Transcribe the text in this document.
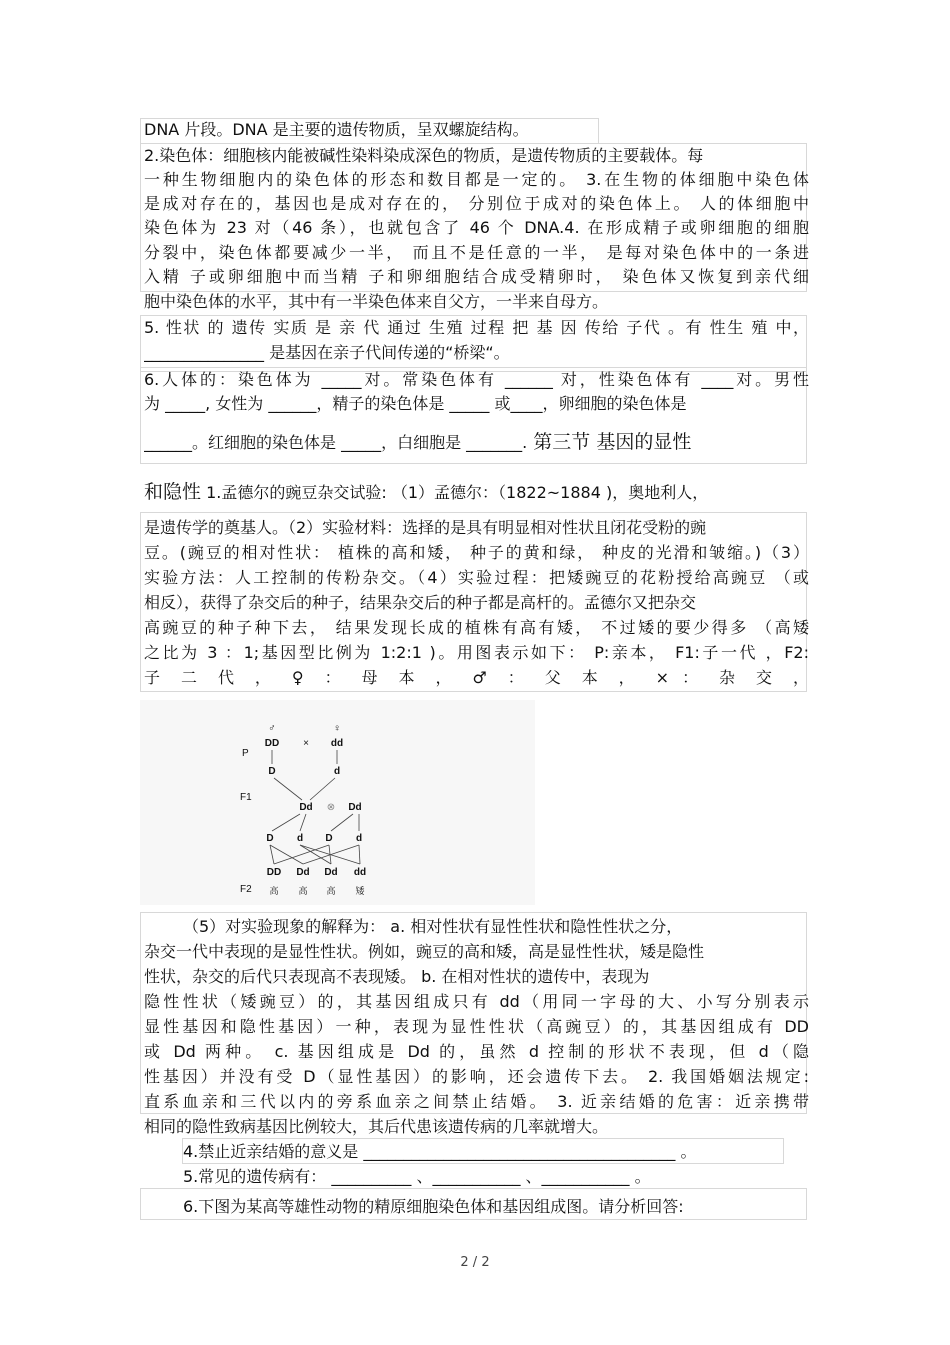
DNA 片段。DNA 是主要的遗传物质，呈双螺旋结构。
2.染色体：细胞核内能被碱性染料染成深色的物质，是遗传物质的主要载体。每
一种生物细胞内的染色体的形态和数目都是一定的。 3.在生物的体细胞中染色体
是成对存在的，基因也是成对存在的， 分别位于成对的染色体上。 人的体细胞中
染色体为 23 对（46 条），也就包含了 46 个 DNA.4. 在形成精子或卵细胞的细胞
分裂中，染色体都要减少一半， 而且不是任意的一半， 是每对染色体中的一条进
入精 子或卵细胞中而当精 子和卵细胞结合成受精卵时， 染色体又恢复到亲代细
胞中染色体的水平，其中有一半染色体来自父方，一半来自母方。
5. 性状 的 遗传 实质 是 亲 代 通过 生殖 过程 把 基 因 传给 子代 。有 性生 殖 中，
_______________ 是基因在亲子代间传递的“桥梁“。
6.人体的：染色体为 _____对。常染色体有 ______ 对，性染色体有 ____对。男性
为 _____, 女性为 ______，精子的染色体是 _____ 或____，卵细胞的染色体是
______。红细胞的染色体是 _____，白细胞是 _______. 第三节 基因的显性
和隐性 1.孟德尔的豌豆杂交试验: （1）孟德尔：（1822~1884 )，奥地利人，
是遗传学的奠基人。（2）实验材料：选择的是具有明显相对性状且闭花受粉的豌
豆。(豌豆的相对性状： 植株的高和矮， 种子的黄和绿， 种皮的光滑和皱缩。)（3）
实验方法：人工控制的传粉杂交。（4）实验过程：把矮豌豆的花粉授给高豌豆 （或
相反），获得了杂交后的种子，结果杂交后的种子都是高杆的。孟德尔又把杂交
高豌豆的种子种下去， 结果发现长成的植株有高有矮， 不过矮的要少得多 （高矮
之比为 3 ：1;基因型比例为 1:2:1 )。用图表示如下： P:亲本， F1:子一代 ，F2:
子 二 代 ， ♀ ： 母 本 ， ♂ ： 父 本 ， × ： 杂 交 ，
♂	♀
P
DD × dd
D	d
F1
Dd ⊗ Dd
D d D d
DD Dd Dd dd
F2 高 高 高 矮
（5）对实验现象的解释为： a. 相对性状有显性性状和隐性性状之分，
杂交一代中表现的是显性性状。例如，豌豆的高和矮，高是显性性状，矮是隐性
性状，杂交的后代只表现高不表现矮。 b. 在相对性状的遗传中，表现为
隐性性状（矮豌豆）的，其基因组成只有 dd（用同一字母的大、小写分别表示
显性基因和隐性基因）一种，表现为显性性状（高豌豆）的，其基因组成有 DD
或 Dd 两种。 c. 基因组成是 Dd 的，虽然 d 控制的形状不表现，但 d（隐
性基因）并没有受 D（显性基因）的影响，还会遗传下去。 2. 我国婚姻法规定:
直系血亲和三代以内的旁系血亲之间禁止结婚。 3. 近亲结婚的危害：近亲携带
相同的隐性致病基因比例较大，其后代患该遗传病的几率就增大。
4.禁止近亲结婚的意义是 _______________________________________ 。
5.常见的遗传病有： __________ 、___________ 、___________ 。
6.下图为某高等雄性动物的精原细胞染色体和基因组成图。请分析回答:
2 / 2
